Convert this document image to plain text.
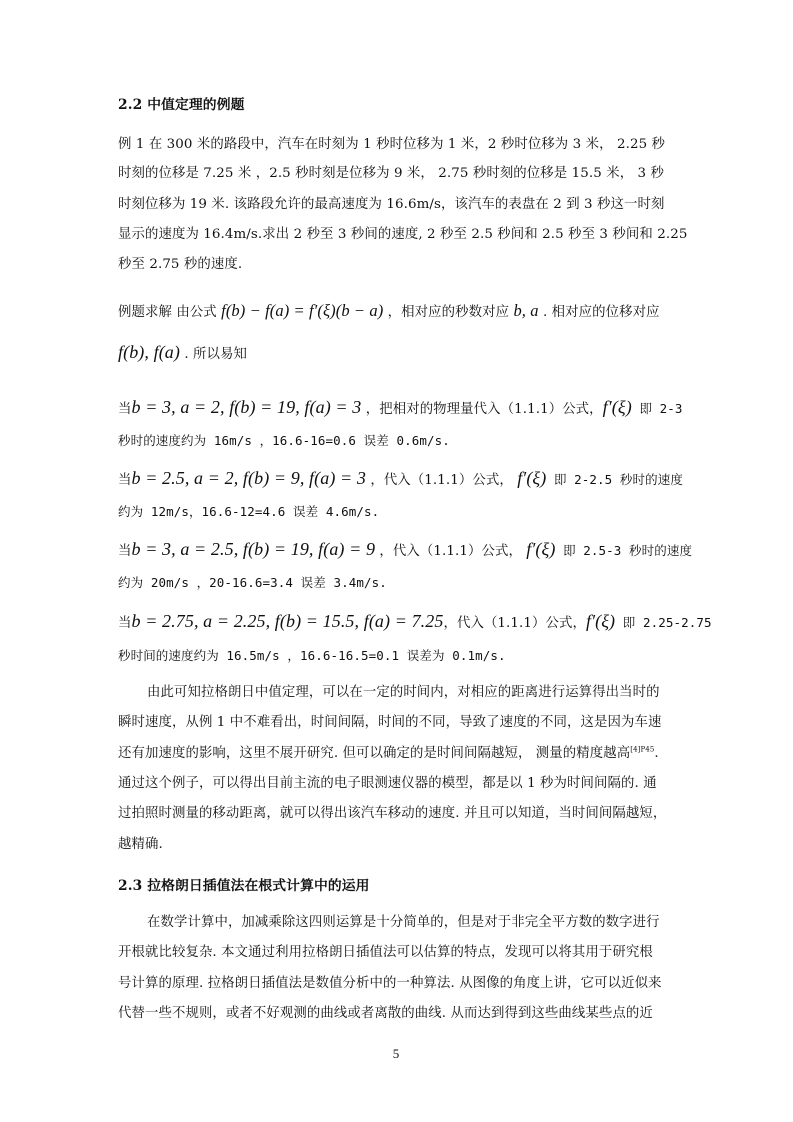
2.2 中值定理的例题
例 1 在 300 米的路段中，汽车在时刻为 1 秒时位移为 1 米，2 秒时位移为 3 米， 2.25 秒
时刻的位移是 7.25 米 ，2.5 秒时刻是位移为 9 米， 2.75 秒时刻的位移是 15.5 米， 3 秒
时刻位移为 19 米. 该路段允许的最高速度为 16.6m/s，该汽车的表盘在 2 到 3 秒这一时刻
显示的速度为 16.4m/s.求出 2 秒至 3 秒间的速度, 2 秒至 2.5 秒间和 2.5 秒至 3 秒间和 2.25
秒至 2.75 秒的速度.
例题求解 由公式 f(b) − f(a) = f′(ξ)(b − a) ，相对应的秒数对应 b, a . 相对应的位移对应
f(b), f(a) . 所以易知
当b = 3, a = 2, f(b) = 19, f(a) = 3 ，把相对的物理量代入（1.1.1）公式，f′(ξ) 即 2-3
秒时的速度约为 16m/s ，16.6-16=0.6 误差 0.6m/s.
当b = 2.5, a = 2, f(b) = 9, f(a) = 3 ，代入（1.1.1）公式， f′(ξ) 即 2-2.5 秒时的速度
约为 12m/s，16.6-12=4.6 误差 4.6m/s.
当b = 3, a = 2.5, f(b) = 19, f(a) = 9 ，代入（1.1.1）公式， f′(ξ) 即 2.5-3 秒时的速度
约为 20m/s ，20-16.6=3.4 误差 3.4m/s.
当b = 2.75, a = 2.25, f(b) = 15.5, f(a) = 7.25，代入（1.1.1）公式，f′(ξ) 即 2.25-2.75
秒时间的速度约为 16.5m/s ，16.6-16.5=0.1 误差为 0.1m/s.
由此可知拉格朗日中值定理，可以在一定的时间内，对相应的距离进行运算得出当时的
瞬时速度，从例 1 中不难看出，时间间隔，时间的不同，导致了速度的不同，这是因为车速
还有加速度的影响，这里不展开研究. 但可以确定的是时间间隔越短， 测量的精度越高$^{[4]P45}$.
通过这个例子，可以得出目前主流的电子眼测速仪器的模型，都是以 1 秒为时间间隔的. 通
过拍照时测量的移动距离，就可以得出该汽车移动的速度. 并且可以知道，当时间间隔越短，
越精确.
2.3 拉格朗日插值法在根式计算中的运用
在数学计算中，加减乘除这四则运算是十分简单的，但是对于非完全平方数的数字进行
开根就比较复杂. 本文通过利用拉格朗日插值法可以估算的特点，发现可以将其用于研究根
号计算的原理. 拉格朗日插值法是数值分析中的一种算法. 从图像的角度上讲，它可以近似来
代替一些不规则，或者不好观测的曲线或者离散的曲线. 从而达到得到这些曲线某些点的近
5
